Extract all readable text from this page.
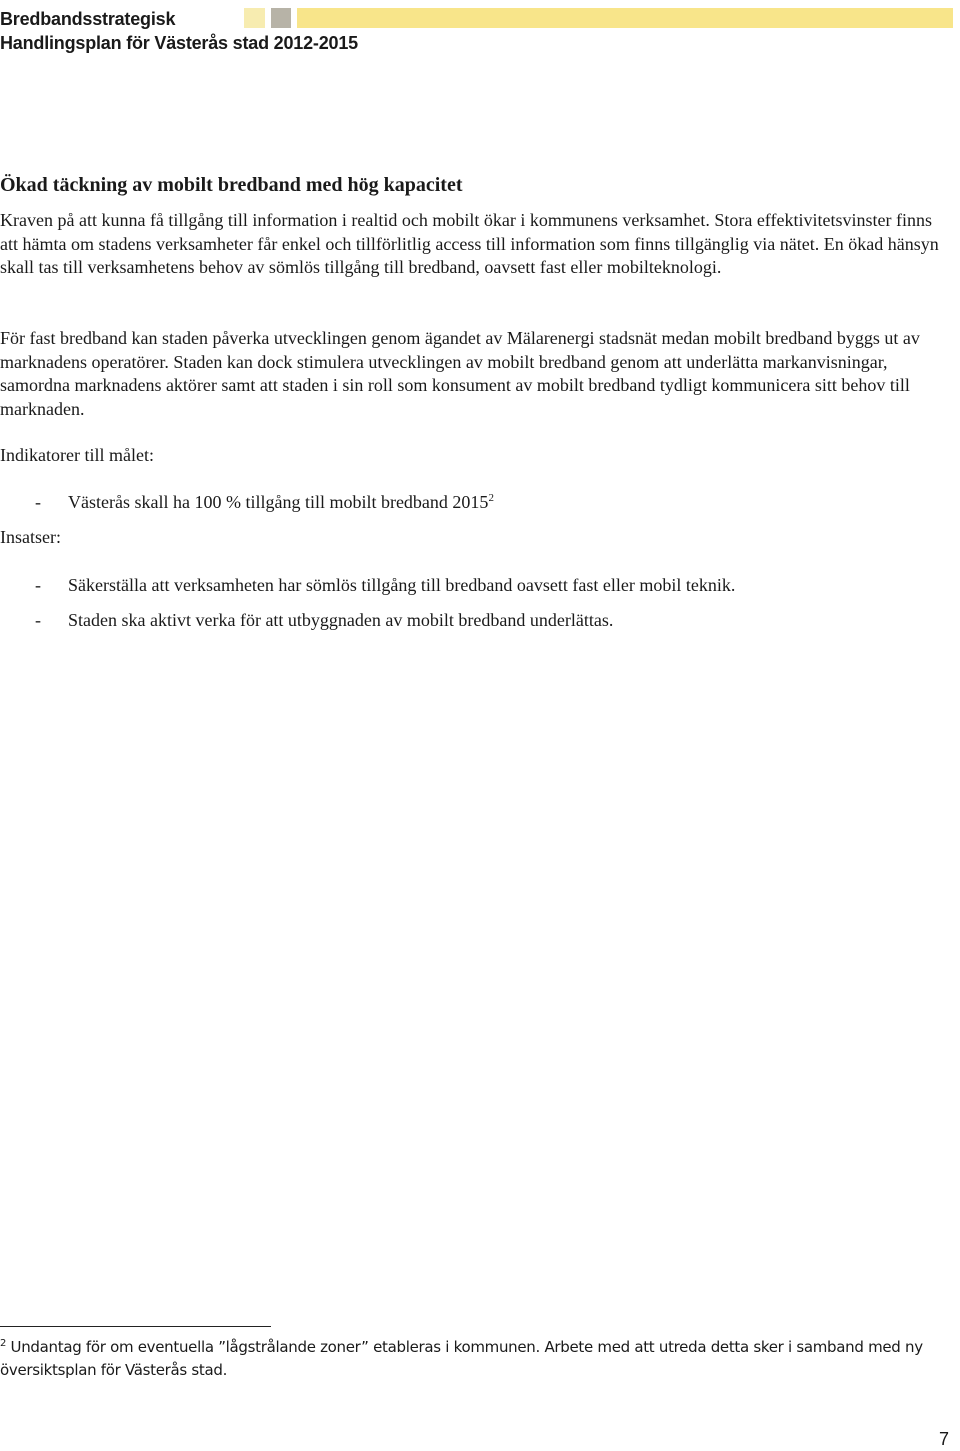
Bredbandsstrategisk
Handlingsplan för Västerås stad 2012-2015
Ökad täckning av mobilt bredband med hög kapacitet

Kraven på att kunna få tillgång till information i realtid och mobilt ökar i kommunens verksamhet. Stora effektivitetsvinster finns att hämta om stadens verksamheter får enkel och tillförlitlig access till information som finns tillgänglig via nätet. En ökad hänsyn skall tas till verksamhetens behov av sömlös tillgång till bredband, oavsett fast eller mobilteknologi.

För fast bredband kan staden påverka utvecklingen genom ägandet av Mälarenergi stadsnät medan mobilt bredband byggs ut av marknadens operatörer. Staden kan dock stimulera utvecklingen av mobilt bredband genom att underlätta markanvisningar, samordna marknadens aktörer samt att staden i sin roll som konsument av mobilt bredband tydligt kommunicera sitt behov till marknaden.

Indikatorer till målet:
- Västerås skall ha 100 % tillgång till mobilt bredband 2015$^2$
Insatser:
- Säkerställa att verksamheten har sömlös tillgång till bredband oavsett fast eller mobil teknik.
- Staden ska aktivt verka för att utbyggnaden av mobilt bredband underlättas.

$^2$ Undantag för om eventuella ”lågstrålande zoner” etableras i kommunen. Arbete med att utreda detta sker i samband med ny översiktsplan för Västerås stad.

7
